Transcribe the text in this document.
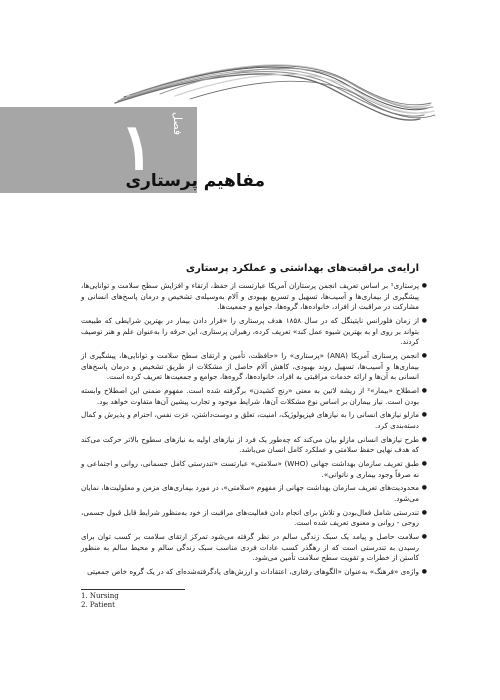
فصل
۱
مفاهیم پرستاری
ارایه‌ی مراقبت‌های بهداشتی و عملکرد پرستاری
● پرستاری¹ بر اساس تعریف انجمن پرستاران آمریکا عبارتست از حفظ، ارتقاء و افزایش سطح سلامت و توانایی‌ها، پیشگیری از بیماری‌ها و آسیب‌ها، تسهیل و تسریع بهبودی و آلام به‌وسیله‌ی تشخیص و درمان پاسخ‌های انسانی و مشارکت در مراقبت از افراد، خانواده‌ها، گروه‌ها، جوامع و جمعیت‌ها.
● از زمان فلورانس نایتینگل که در سال ۱۸۵۸ هدف پرستاری را «قرار دادن بیمار در بهترین شرایطی که طبیعت بتواند بر روی او به بهترین شیوه عمل کند» تعریف کرده، رهبران پرستاری، این حرفه را به‌عنوان علم و هنر توصیف کردند.
● انجمن پرستاری آمریکا (ANA) «پرستاری» را «حافظت، تأمین و ارتقای سطح سلامت و توانایی‌ها، پیشگیری از بیماری‌ها و آسیب‌ها، تسهیل روند بهبودی، کاهش آلام حاصل از مشکلات از طریق تشخیص و درمان پاسخ‌های انسانی به آن‌ها و ارائه خدمات مراقبتی به افراد، خانواده‌ها، گروه‌ها، جوامع و جمعیت‌ها تعریف کرده است.
● اصطلاح «بیمار»² از ریشه لاتین به معنی «رنج کشیدن» برگرفته شده است. مفهوم ضمنی این اصطلاح وابسته بودن است. نیاز بیماران بر اساس نوع مشکلات آن‌ها، شرایط موجود و تجارب پیشین آن‌ها متفاوت خواهد بود.
● مازلو نیازهای انسانی را به نیازهای فیزیولوژیک، امنیت، تعلق و دوست‌داشتن، عزت نفس، احترام و پذیرش و کمال دسته‌بندی کرد.
● طرح نیازهای انسانی مازلو بیان می‌کند که چه‌طور یک فرد از نیازهای اولیه به نیازهای سطوح بالاتر حرکت می‌کند که هدف نهایی حفظ سلامتی و عملکرد کامل انسان می‌باشد.
● طبق تعریف سازمان بهداشت جهانی (WHO) «سلامتی» عبارتست «تندرستی کامل جسمانی، روانی و اجتماعی و نه صرفاً وجود بیماری و ناتوانی».
● محدودیت‌های تعریف سازمان بهداشت جهانی از مفهوم «سلامتی»، در مورد بیماری‌های مزمن و معلولیت‌ها، نمایان می‌شود.
● تندرستی شامل فعال‌بودن و تلاش برای انجام دادن فعالیت‌های مراقبت از خود به‌منظور شرایط قابل قبول جسمی، روحی - روانی و معنوی تعریف شده است.
● سلامت حاصل و پیامد یک سبک زندگی سالم در نظر گرفته می‌شود تمرکز ارتقای سلامت بر کسب توان برای رسیدن به تندرستی است که از رهگذر کسب عادات فردی مناسب سبک زندگی سالم و محیط سالم به منظور کاستن از خطرات و تقویت سطح سلامت تأمین می‌شود.
● واژه‌ی «فرهنگ» به‌عنوان «الگوهای رفتاری، اعتقادات و ارزش‌های یادگرفته‌شده‌ای که در یک گروه خاص جمعیتی
1. Nursing
2. Patient
